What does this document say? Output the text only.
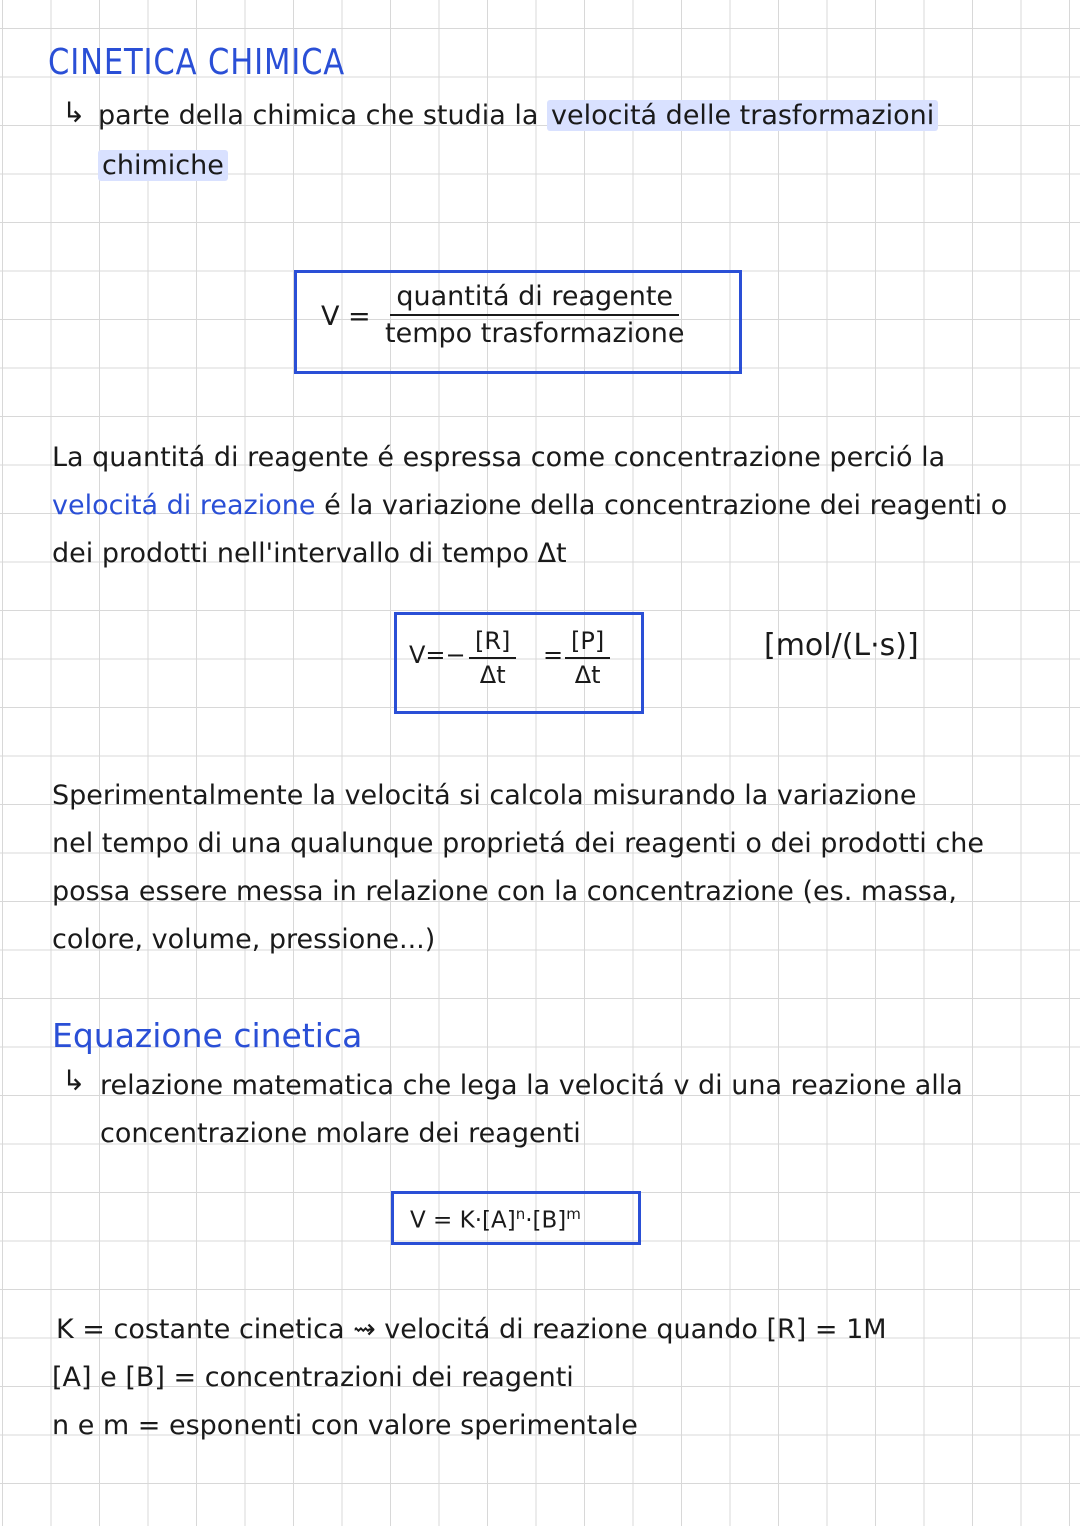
CINETICA CHIMICA
↳ parte della chimica che studia la velocitá delle trasformazioni
chimiche
V =
quantitá di reagente
tempo trasformazione
La quantitá di reagente é espressa come concentrazione perció la
velocitá di reazione é la variazione della concentrazione dei reagenti o
dei prodotti nell'intervallo di tempo Δt
$V=- \frac{[R]}{\Delta t} = \frac{[P]}{\Delta t}$	[mol/(L·s)]
Sperimentalmente la velocitá si calcola misurando la variazione
nel tempo di una qualunque proprietá dei reagenti o dei prodotti che
possa essere messa in relazione con la concentrazione (es. massa,
colore, volume, pressione...)
Equazione cinetica
↳ relazione matematica che lega la velocitá v di una reazione alla
concentrazione molare dei reagenti
$V = K\cdot[A]^n\cdot[B]^m$
K = costante cinetica ⇝ velocitá di reazione quando [R] = 1M
[A] e [B] = concentrazioni dei reagenti
n e m = esponenti con valore sperimentale
